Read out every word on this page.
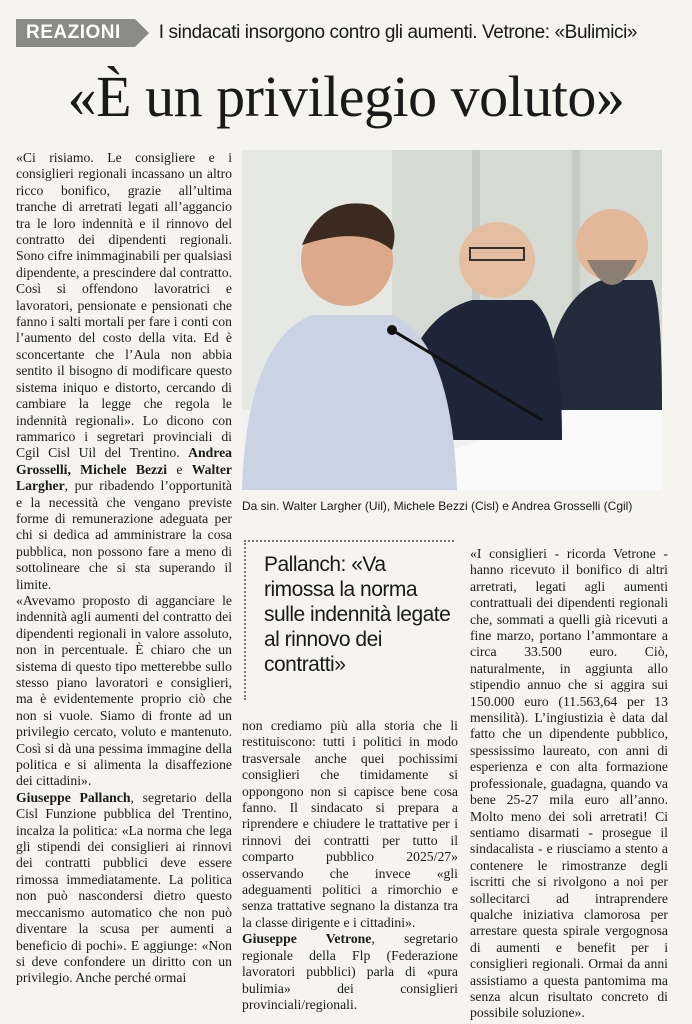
REAZIONI	I sindacati insorgono contro gli aumenti. Vetrone: «Bulimici»
«È un privilegio voluto»

«Ci risiamo. Le consigliere e i consiglieri regionali incassano un altro ricco bonifico, grazie all’ultima tranche di arretrati legati all’aggancio tra le loro indennità e il rinnovo del contratto dei dipendenti regionali. Sono cifre inimmaginabili per qualsiasi dipendente, a prescindere dal contratto. Così si offendono lavoratrici e lavoratori, pensionate e pensionati che fanno i salti mortali per fare i conti con l’aumento del costo della vita. Ed è sconcertante che l’Aula non abbia sentito il bisogno di modificare questo sistema iniquo e distorto, cercando di cambiare la legge che regola le indennità regionali». Lo dicono con rammarico i segretari provinciali di Cgil Cisl Uil del Trentino. Andrea Grosselli, Michele Bezzi e Walter Largher, pur ribadendo l’opportunità e la necessità che vengano previste forme di remunerazione adeguata per chi si dedica ad amministrare la cosa pubblica, non possono fare a meno di sottolineare che si sta superando il limite.

«Avevamo proposto di agganciare le indennità agli aumenti del contratto dei dipendenti regionali in valore assoluto, non in percentuale. È chiaro che un sistema di questo tipo metterebbe sullo stesso piano lavoratori e consiglieri, ma è evidentemente proprio ciò che non si vuole. Siamo di fronte ad un privilegio cercato, voluto e mantenuto. Così si dà una pessima immagine della politica e si alimenta la disaffezione dei cittadini».

Giuseppe Pallanch, segretario della Cisl Funzione pubblica del Trentino, incalza la politica: «La norma che lega gli stipendi dei consiglieri ai rinnovi dei contratti pubblici deve essere rimossa immediatamente. La politica non può nascondersi dietro questo meccanismo automatico che non può diventare la scusa per aumenti a beneficio di pochi». E aggiunge: «Non si deve confondere un diritto con un privilegio. Anche perché ormai

Da sin. Walter Largher (Uil), Michele Bezzi (Cisl) e Andrea Grosselli (Cgil)
Pallanch: «Va rimossa la norma sulle indennità legate al rinnovo dei contratti»

non crediamo più alla storia che li restituiscono: tutti i politici in modo trasversale anche quei pochissimi consiglieri che timidamente si oppongono non si capisce bene cosa fanno. Il sindacato si prepara a riprendere e chiudere le trattative per i rinnovi dei contratti per tutto il comparto pubblico 2025/27» osservando che invece «gli adeguamenti politici a rimorchio e senza trattative segnano la distanza tra la classe dirigente e i cittadini».

Giuseppe Vetrone, segretario regionale della Flp (Federazione lavoratori pubblici) parla di «pura bulimia» dei consiglieri provinciali/regionali.

«I consiglieri - ricorda Vetrone - hanno ricevuto il bonifico di altri arretrati, legati agli aumenti contrattuali dei dipendenti regionali che, sommati a quelli già ricevuti a fine marzo, portano l’ammontare a circa 33.500 euro. Ciò, naturalmente, in aggiunta allo stipendio annuo che si aggira sui 150.000 euro (11.563,64 per 13 mensilità). L’ingiustizia è data dal fatto che un dipendente pubblico, spessissimo laureato, con anni di esperienza e con alta formazione professionale, guadagna, quando va bene 25-27 mila euro all’anno. Molto meno dei soli arretrati! Ci sentiamo disarmati - prosegue il sindacalista - e riusciamo a stento a contenere le rimostranze degli iscritti che si rivolgono a noi per sollecitarci ad intraprendere qualche iniziativa clamorosa per arrestare questa spirale vergognosa di aumenti e benefit per i consiglieri regionali. Ormai da anni assistiamo a questa pantomima ma senza alcun risultato concreto di possibile soluzione».
